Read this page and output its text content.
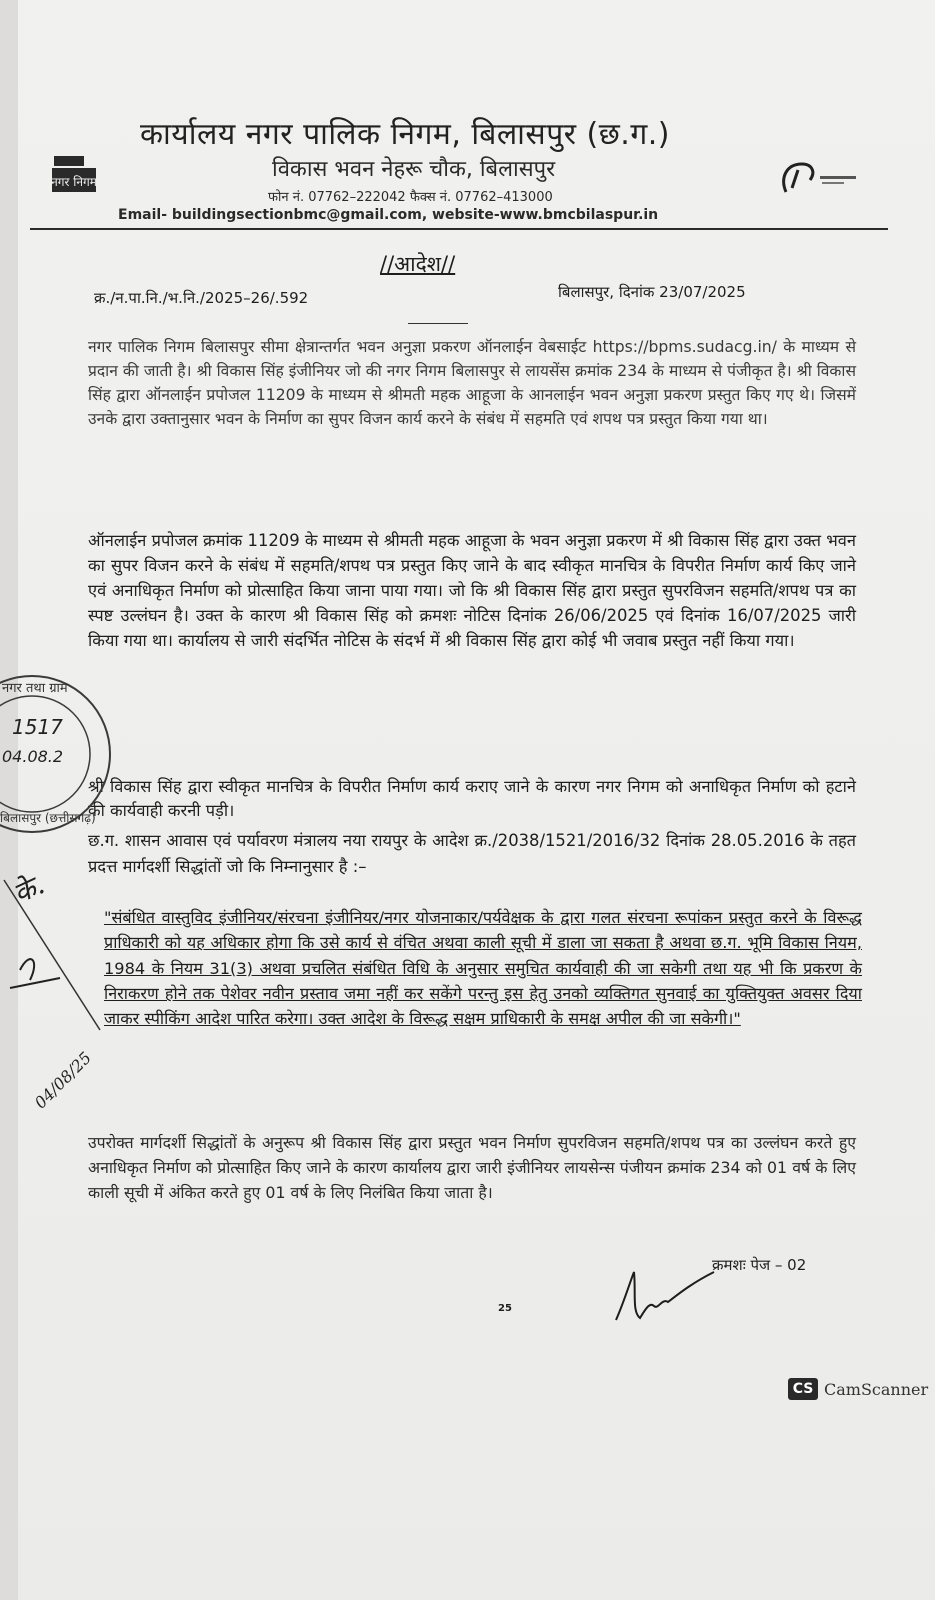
नगर निगम
कार्यालय नगर पालिक निगम, बिलासपुर (छ.ग.)
विकास भवन नेहरू चौक, बिलासपुर
फोन नं. 07762–222042 फैक्स नं. 07762–413000
Email- buildingsectionbmc@gmail.com, website-www.bmcbilaspur.in
//आदेश//
क्र./न.पा.नि./भ.नि./2025–26/.592	बिलासपुर, दिनांक 23/07/2025
नगर पालिक निगम बिलासपुर सीमा क्षेत्रान्तर्गत भवन अनुज्ञा प्रकरण ऑनलाईन वेबसाईट https://bpms.sudacg.in/ के माध्यम से प्रदान की जाती है। श्री विकास सिंह इंजीनियर जो की नगर निगम बिलासपुर से लायसेंस क्रमांक 234 के माध्यम से पंजीकृत है। श्री विकास सिंह द्वारा ऑनलाईन प्रपोजल 11209 के माध्यम से श्रीमती महक आहूजा के आनलाईन भवन अनुज्ञा प्रकरण प्रस्तुत किए गए थे। जिसमें उनके द्वारा उक्तानुसार भवन के निर्माण का सुपर विजन कार्य करने के संबंध में सहमति एवं शपथ पत्र प्रस्तुत किया गया था।
ऑनलाईन प्रपोजल क्रमांक 11209 के माध्यम से श्रीमती महक आहूजा के भवन अनुज्ञा प्रकरण में श्री विकास सिंह द्वारा उक्त भवन का सुपर विजन करने के संबंध में सहमति/शपथ पत्र प्रस्तुत किए जाने के बाद स्वीकृत मानचित्र के विपरीत निर्माण कार्य किए जाने एवं अनाधिकृत निर्माण को प्रोत्साहित किया जाना पाया गया। जो कि श्री विकास सिंह द्वारा प्रस्तुत सुपरविजन सहमति/शपथ पत्र का स्पष्ट उल्लंघन है। उक्त के कारण श्री विकास सिंह को क्रमशः नोटिस दिनांक 26/06/2025 एवं दिनांक 16/07/2025 जारी किया गया था। कार्यालय से जारी संदर्भित नोटिस के संदर्भ में श्री विकास सिंह द्वारा कोई भी जवाब प्रस्तुत नहीं किया गया।
श्री विकास सिंह द्वारा स्वीकृत मानचित्र के विपरीत निर्माण कार्य कराए जाने के कारण नगर निगम को अनाधिकृत निर्माण को हटाने की कार्यवाही करनी पड़ी।
छ.ग. शासन आवास एवं पर्यावरण मंत्रालय नया रायपुर के आदेश क्र./2038/1521/2016/32 दिनांक 28.05.2016 के तहत प्रदत्त मार्गदर्शी सिद्धांतों जो कि निम्नानुसार है :–
"संबंधित वास्तुविद इंजीनियर/संरचना इंजीनियर/नगर योजनाकार/पर्यवेक्षक के द्वारा गलत संरचना रूपांकन प्रस्तुत करने के विरूद्ध प्राधिकारी को यह अधिकार होगा कि उसे कार्य से वंचित अथवा काली सूची में डाला जा सकता है अथवा छ.ग. भूमि विकास नियम, 1984 के नियम 31(3) अथवा प्रचलित संबंधित विधि के अनुसार समुचित कार्यवाही की जा सकेगी तथा यह भी कि प्रकरण के निराकरण होने तक पेशेवर नवीन प्रस्ताव जमा नहीं कर सकेंगे परन्तु इस हेतु उनको व्यक्तिगत सुनवाई का युक्तियुक्त अवसर दिया जाकर स्पीकिंग आदेश पारित करेगा। उक्त आदेश के विरूद्ध सक्षम प्राधिकारी के समक्ष अपील की जा सकेगी।"
उपरोक्त मार्गदर्शी सिद्धांतों के अनुरूप श्री विकास सिंह द्वारा प्रस्तुत भवन निर्माण सुपरविजन सहमति/शपथ पत्र का उल्लंघन करते हुए अनाधिकृत निर्माण को प्रोत्साहित किए जाने के कारण कार्यालय द्वारा जारी इंजीनियर लायसेन्स पंजीयन क्रमांक 234 को 01 वर्ष के लिए काली सूची में अंकित करते हुए 01 वर्ष के लिए निलंबित किया जाता है।
क्रमशः पेज – 02
25
नगर तथा ग्राम
1517
04.08.2
बिलासपुर (छत्तीसगढ़)
के.
04/08/25
CS CamScanner
